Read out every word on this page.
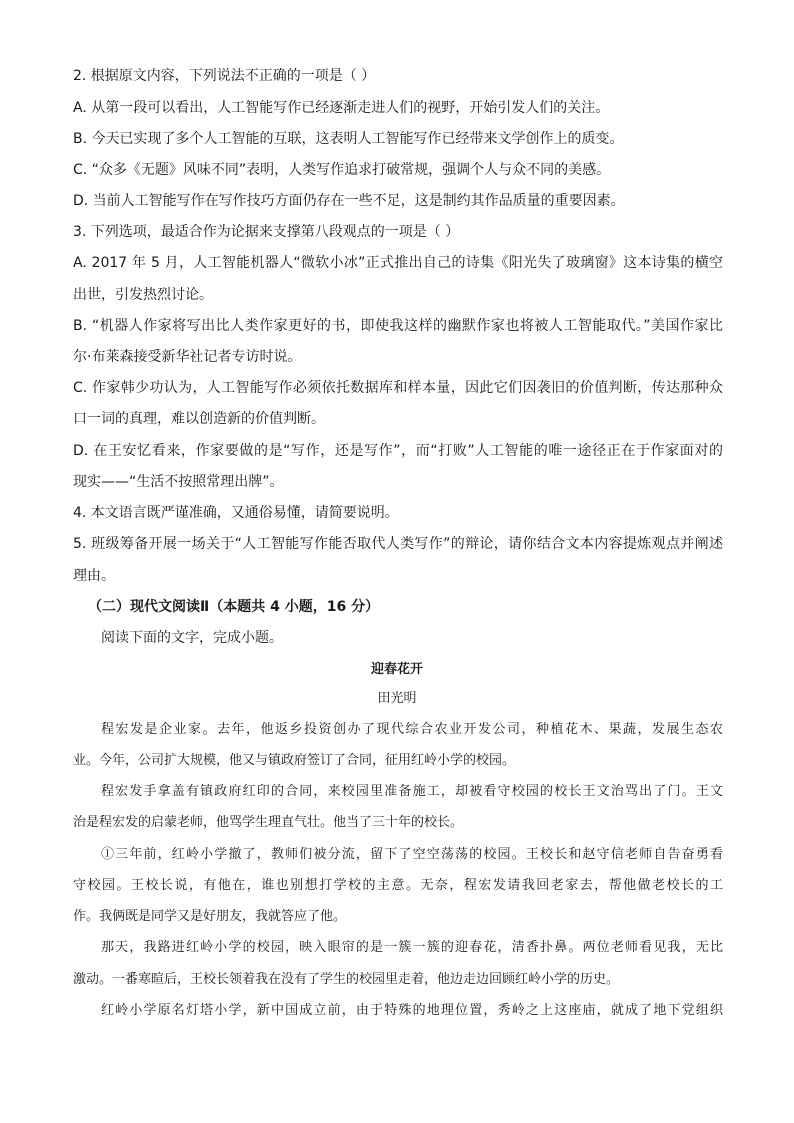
2. 根据原文内容，下列说法不正确的一项是（ ）
A. 从第一段可以看出，人工智能写作已经逐渐走进人们的视野，开始引发人们的关注。
B. 今天已实现了多个人工智能的互联，这表明人工智能写作已经带来文学创作上的质变。
C. “众多《无题》风味不同”表明，人类写作追求打破常规，强调个人与众不同的美感。
D. 当前人工智能写作在写作技巧方面仍存在一些不足，这是制约其作品质量的重要因素。
3. 下列选项，最适合作为论据来支撑第八段观点的一项是（ ）
A. 2017 年 5 月，人工智能机器人“微软小冰”正式推出自己的诗集《阳光失了玻璃窗》这本诗集的横空
出世，引发热烈讨论。
B. “机器人作家将写出比人类作家更好的书，即使我这样的幽默作家也将被人工智能取代。”美国作家比
尔·布莱森接受新华社记者专访时说。
C. 作家韩少功认为，人工智能写作必须依托数据库和样本量，因此它们因袭旧的价值判断，传达那种众
口一词的真理，难以创造新的价值判断。
D. 在王安忆看来，作家要做的是“写作，还是写作”，而“打败”人工智能的唯一途径正在于作家面对的
现实——“生活不按照常理出牌”。
4. 本文语言既严谨准确，又通俗易懂，请简要说明。
5. 班级筹备开展一场关于“人工智能写作能否取代人类写作”的辩论，请你结合文本内容提炼观点并阐述
理由。
（二）现代文阅读Ⅱ（本题共 4 小题，16 分）
阅读下面的文字，完成小题。
迎春花开
田光明
程宏发是企业家。去年，他返乡投资创办了现代综合农业开发公司，种植花木、果蔬，发展生态农
业。今年，公司扩大规模，他又与镇政府签订了合同，征用红岭小学的校园。
程宏发手拿盖有镇政府红印的合同，来校园里准备施工，却被看守校园的校长王文治骂出了门。王文
治是程宏发的启蒙老师，他骂学生理直气壮。他当了三十年的校长。
①三年前，红岭小学撤了，教师们被分流，留下了空空荡荡的校园。王校长和赵守信老师自告奋勇看
守校园。王校长说，有他在，谁也别想打学校的主意。无奈，程宏发请我回老家去，帮他做老校长的工
作。我俩既是同学又是好朋友，我就答应了他。
那天，我路进红岭小学的校园，映入眼帘的是一簇一簇的迎春花，清香扑鼻。两位老师看见我，无比
激动。一番寒暄后，王校长领着我在没有了学生的校园里走着，他边走边回顾红岭小学的历史。
红岭小学原名灯塔小学，新中国成立前，由于特殊的地理位置，秀岭之上这座庙，就成了地下党组织
